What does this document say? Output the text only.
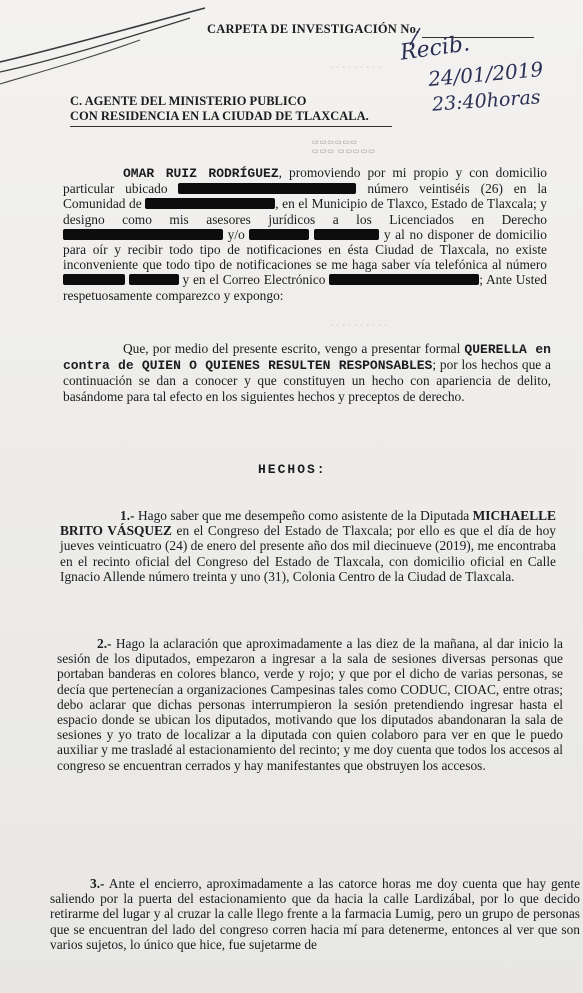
∙ ∙ ∙ ∙ ∙ ∙ ∙ ∙ ∙
CARPETA DE INVESTIGACIÓN No.
Recib.
24/01/2019
23:40horas
C. AGENTE DEL MINISTERIO PUBLICO
CON RESIDENCIA EN LA CIUDAD DE TLAXCALA.
▭▭▭▭▭▭
▭▭▭ ▭▭▭▭▭
OMAR RUIZ RODRÍGUEZ, promoviendo por mi propio y con domicilio particular ubicado	número veintiséis (26) en la Comunidad de	, en el Municipio de Tlaxco, Estado de Tlaxcala; y designo como mis asesores jurídicos a los Licenciados en Derecho  y/o	y al no disponer de domicilio para oír y recibir todo tipo de notificaciones en ésta Ciudad de Tlaxcala, no existe inconveniente que todo tipo de notificaciones se me haga saber vía telefónica al número   y en el Correo Electrónico	; Ante Usted respetuosamente comparezco y expongo:
∙ ∙ ∙ ∙ ∙ ∙ ∙ ∙ ∙ ∙
Que, por medio del presente escrito, vengo a presentar formal QUERELLA en contra de QUIEN O QUIENES RESULTEN RESPONSABLES; por los hechos que a continuación se dan a conocer y que constituyen un hecho con apariencia de delito, basándome para tal efecto en los siguientes hechos y preceptos de derecho.
HECHOS:
1.- Hago saber que me desempeño como asistente de la Diputada MICHAELLE BRITO VÁSQUEZ en el Congreso del Estado de Tlaxcala; por ello es que el día de hoy jueves veinticuatro (24) de enero del presente año dos mil diecinueve (2019), me encontraba en el recinto oficial del Congreso del Estado de Tlaxcala, con domicilio oficial en Calle Ignacio Allende número treinta y uno (31), Colonia Centro de la Ciudad de Tlaxcala.
2.- Hago la aclaración que aproximadamente a las diez de la mañana, al dar inicio la sesión de los diputados, empezaron a ingresar a la sala de sesiones diversas personas que portaban banderas en colores blanco, verde y rojo; y que por el dicho de varias personas, se decía que pertenecían a organizaciones Campesinas tales como CODUC, CIOAC, entre otras; debo aclarar que dichas personas interrumpieron la sesión pretendiendo ingresar hasta el espacio donde se ubican los diputados, motivando que los diputados abandonaran la sala de sesiones y yo trato de localizar a la diputada con quien colaboro para ver en que le puedo auxiliar y me trasladé al estacionamiento del recinto; y me doy cuenta que todos los accesos al congreso se encuentran cerrados y hay manifestantes que obstruyen los accesos.
3.- Ante el encierro, aproximadamente a las catorce horas me doy cuenta que hay gente saliendo por la puerta del estacionamiento que da hacia la calle Lardizábal, por lo que decido retirarme del lugar y al cruzar la calle llego frente a la farmacia Lumig, pero un grupo de personas que se encuentran del lado del congreso corren hacia mí para detenerme, entonces al ver que son varios sujetos, lo único que hice, fue sujetarme de
